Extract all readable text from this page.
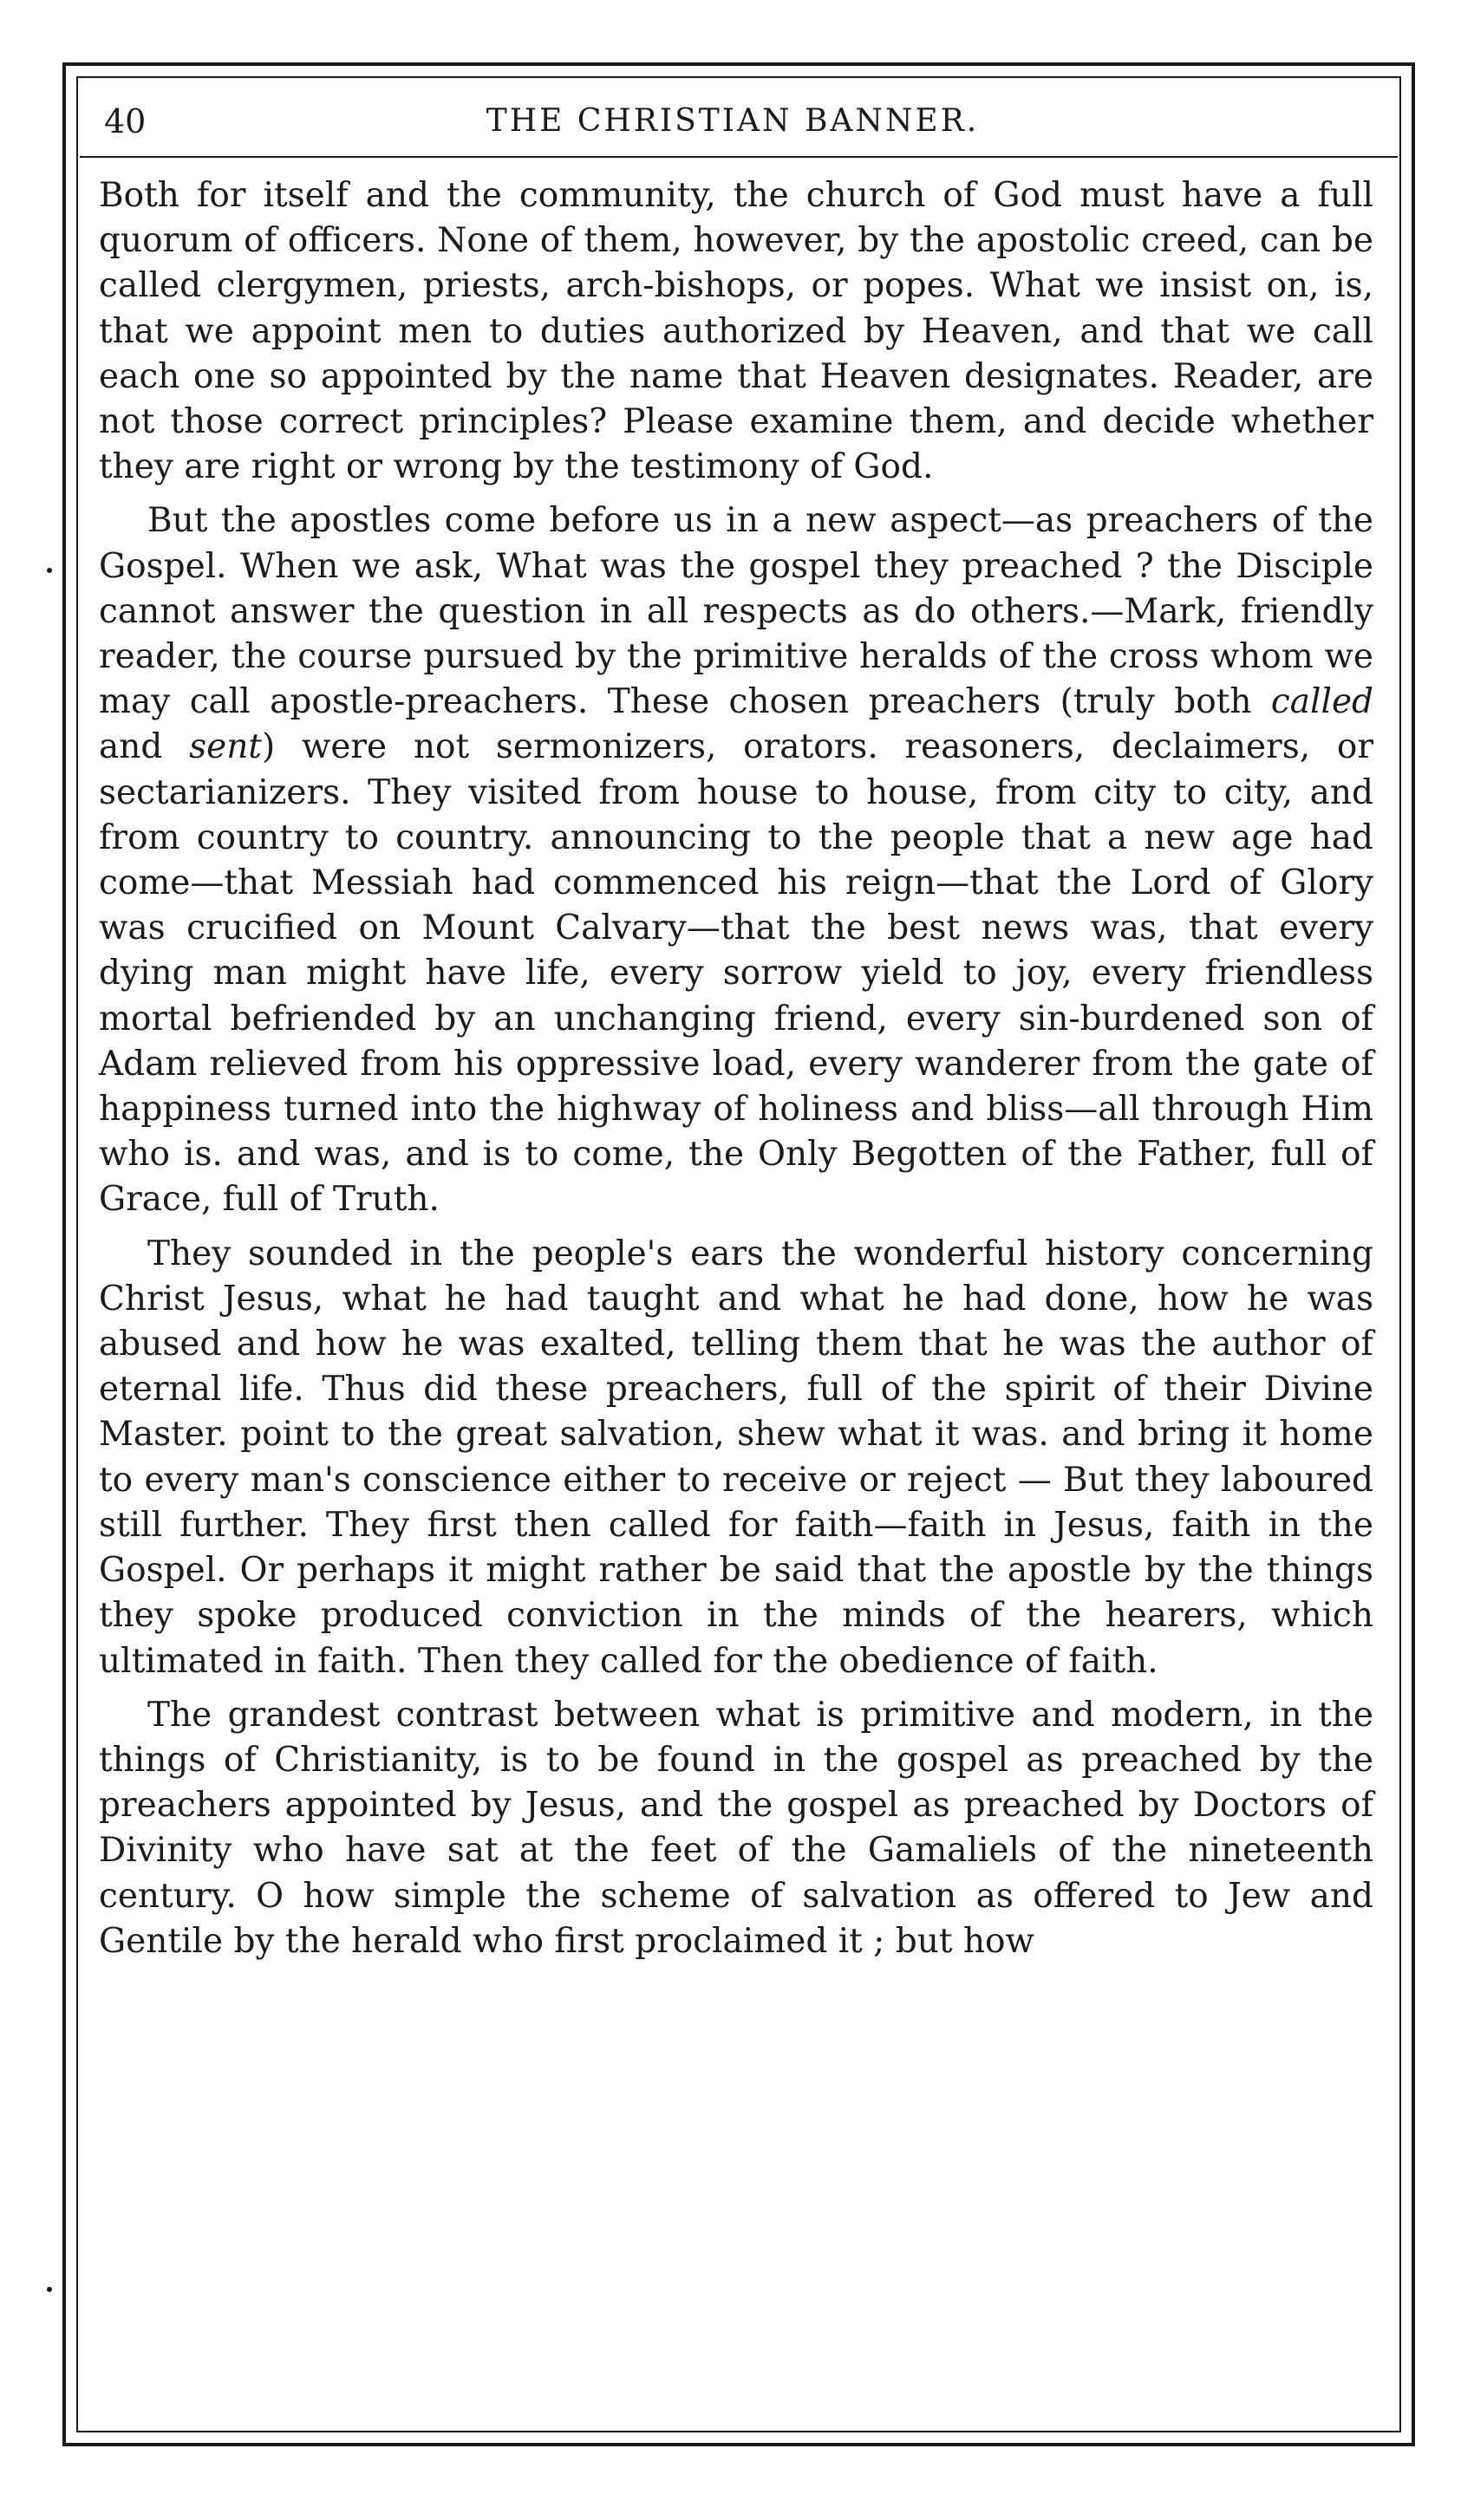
40	THE CHRISTIAN BANNER.

Both for itself and the community, the church of God must have a full quorum of officers. None of them, however, by the apostolic creed, can be called clergymen, priests, arch-bishops, or popes. What we insist on, is, that we appoint men to duties authorized by Heaven, and that we call each one so appointed by the name that Heaven designates. Reader, are not those correct principles? Please examine them, and decide whether they are right or wrong by the testimony of God.

But the apostles come before us in a new aspect—as preachers of the Gospel. When we ask, What was the gospel they preached ? the Disciple cannot answer the question in all respects as do others.—Mark, friendly reader, the course pursued by the primitive heralds of the cross whom we may call apostle-preachers. These chosen preachers (truly both called and sent) were not sermonizers, orators. reasoners, declaimers, or sectarianizers. They visited from house to house, from city to city, and from country to country. announcing to the people that a new age had come—that Messiah had commenced his reign—that the Lord of Glory was crucified on Mount Calvary—that the best news was, that every dying man might have life, every sorrow yield to joy, every friendless mortal befriended by an unchanging friend, every sin-burdened son of Adam relieved from his oppressive load, every wanderer from the gate of happiness turned into the highway of holiness and bliss—all through Him who is. and was, and is to come, the Only Begotten of the Father, full of Grace, full of Truth.

They sounded in the people's ears the wonderful history concerning Christ Jesus, what he had taught and what he had done, how he was abused and how he was exalted, telling them that he was the author of eternal life. Thus did these preachers, full of the spirit of their Divine Master. point to the great salvation, shew what it was. and bring it home to every man's conscience either to receive or reject — But they laboured still further. They first then called for faith—faith in Jesus, faith in the Gospel. Or perhaps it might rather be said that the apostle by the things they spoke produced conviction in the minds of the hearers, which ultimated in faith. Then they called for the obedience of faith.

The grandest contrast between what is primitive and modern, in the things of Christianity, is to be found in the gospel as preached by the preachers appointed by Jesus, and the gospel as preached by Doctors of Divinity who have sat at the feet of the Gamaliels of the nineteenth century. O how simple the scheme of salvation as offered to Jew and Gentile by the herald who first proclaimed it ; but how
